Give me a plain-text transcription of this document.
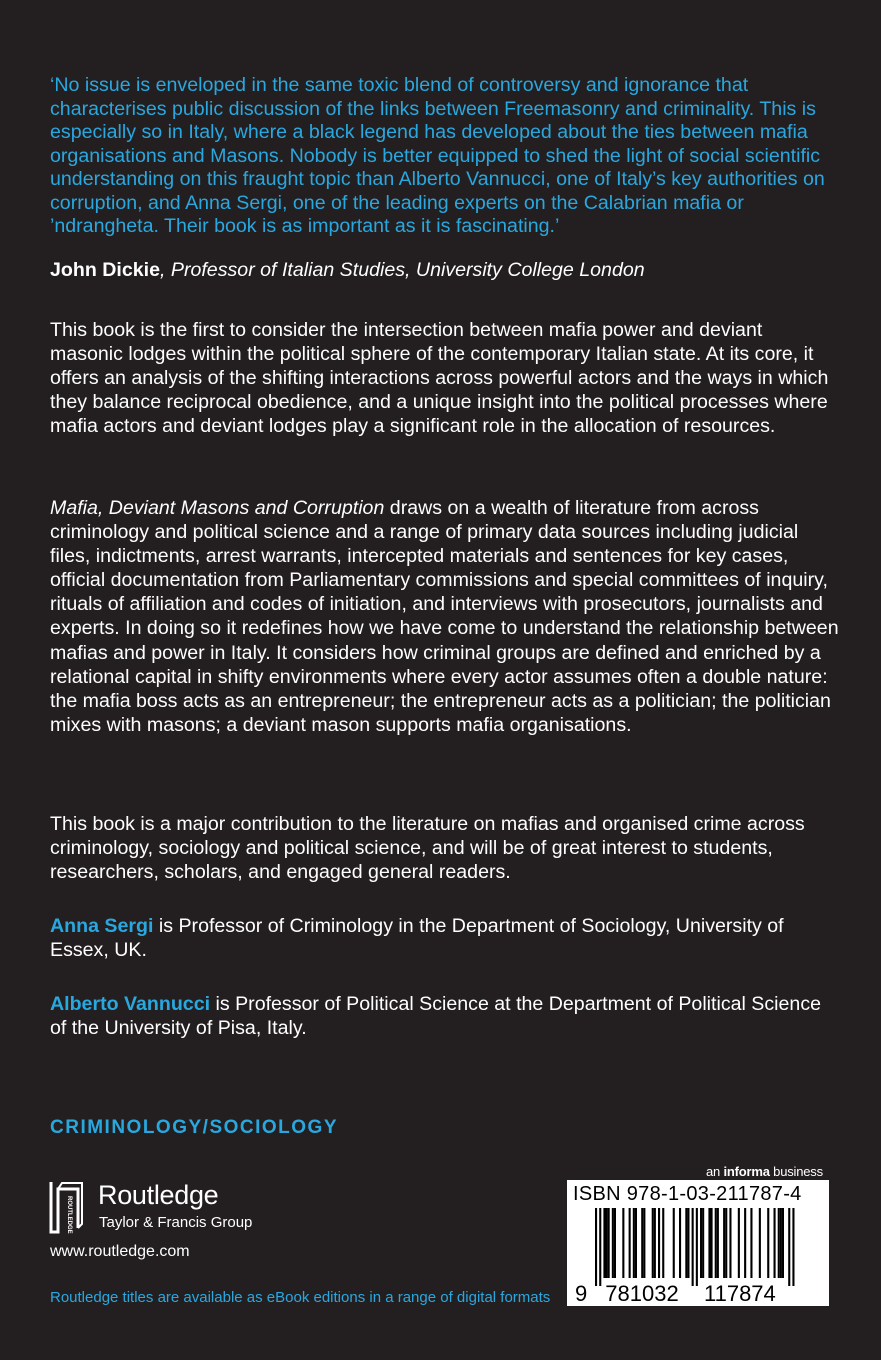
‘No issue is enveloped in the same toxic blend of controversy and ignorance that characterises public discussion of the links between Freemasonry and criminality. This is especially so in Italy, where a black legend has developed about the ties between mafia organisations and Masons. Nobody is better equipped to shed the light of social scientific understanding on this fraught topic than Alberto Vannucci, one of Italy’s key authorities on corruption, and Anna Sergi, one of the leading experts on the Calabrian mafia or ’ndrangheta. Their book is as important as it is fascinating.’

John Dickie, Professor of Italian Studies, University College London

This book is the first to consider the intersection between mafia power and deviant masonic lodges within the political sphere of the contemporary Italian state. At its core, it offers an analysis of the shifting interactions across powerful actors and the ways in which they balance reciprocal obedience, and a unique insight into the political processes where mafia actors and deviant lodges play a significant role in the allocation of resources.

Mafia, Deviant Masons and Corruption draws on a wealth of literature from across criminology and political science and a range of primary data sources including judicial files, indictments, arrest warrants, intercepted materials and sentences for key cases, official documentation from Parliamentary commissions and special committees of inquiry, rituals of affiliation and codes of initiation, and interviews with prosecutors, journalists and experts. In doing so it redefines how we have come to understand the relationship between mafias and power in Italy. It considers how criminal groups are defined and enriched by a relational capital in shifty environments where every actor assumes often a double nature: the mafia boss acts as an entrepreneur; the entrepreneur acts as a politician; the politician mixes with masons; a deviant mason supports mafia organisations.

This book is a major contribution to the literature on mafias and organised crime across criminology, sociology and political science, and will be of great interest to students, researchers, scholars, and engaged general readers.

Anna Sergi is Professor of Criminology in the Department of Sociology, University of Essex, UK.

Alberto Vannucci is Professor of Political Science at the Department of Political Science of the University of Pisa, Italy.

CRIMINOLOGY/SOCIOLOGY
ROUTLEDGE
Routledge
Taylor & Francis Group
www.routledge.com
Routledge titles are available as eBook editions in a range of digital formats
an informa business
ISBN 978-1-03-211787-4
9 781032 117874
